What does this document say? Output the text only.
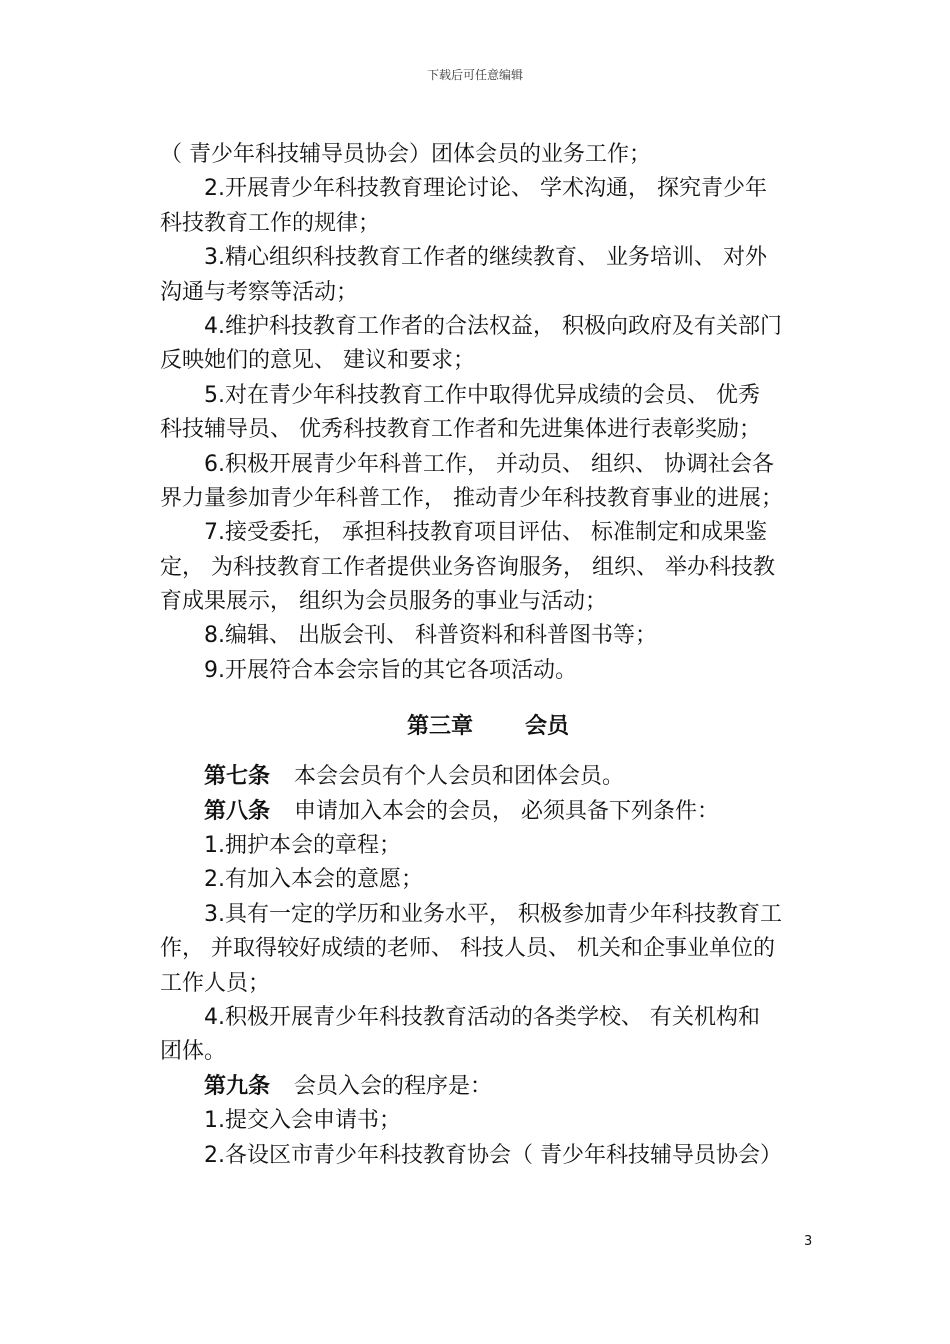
下载后可任意编辑
（ 青少年科技辅导员协会）团体会员的业务工作；
2.开展青少年科技教育理论讨论、 学术沟通， 探究青少年
科技教育工作的规律；
3.精心组织科技教育工作者的继续教育、 业务培训、 对外
沟通与考察等活动；
4.维护科技教育工作者的合法权益， 积极向政府及有关部门
反映她们的意见、 建议和要求；
5.对在青少年科技教育工作中取得优异成绩的会员、 优秀
科技辅导员、 优秀科技教育工作者和先进集体进行表彰奖励；
6.积极开展青少年科普工作， 并动员、 组织、 协调社会各
界力量参加青少年科普工作， 推动青少年科技教育事业的进展；
7.接受委托， 承担科技教育项目评估、 标准制定和成果鉴
定， 为科技教育工作者提供业务咨询服务， 组织、 举办科技教
育成果展示， 组织为会员服务的事业与活动；
8.编辑、 出版会刊、 科普资料和科普图书等；
9.开展符合本会宗旨的其它各项活动。
第三章 会员
第七条 本会会员有个人会员和团体会员。
第八条 申请加入本会的会员， 必须具备下列条件：
1.拥护本会的章程；
2.有加入本会的意愿；
3.具有一定的学历和业务水平， 积极参加青少年科技教育工
作， 并取得较好成绩的老师、 科技人员、 机关和企事业单位的
工作人员；
4.积极开展青少年科技教育活动的各类学校、 有关机构和
团体。
第九条 会员入会的程序是：
1.提交入会申请书；
2.各设区市青少年科技教育协会（ 青少年科技辅导员协会）
3
